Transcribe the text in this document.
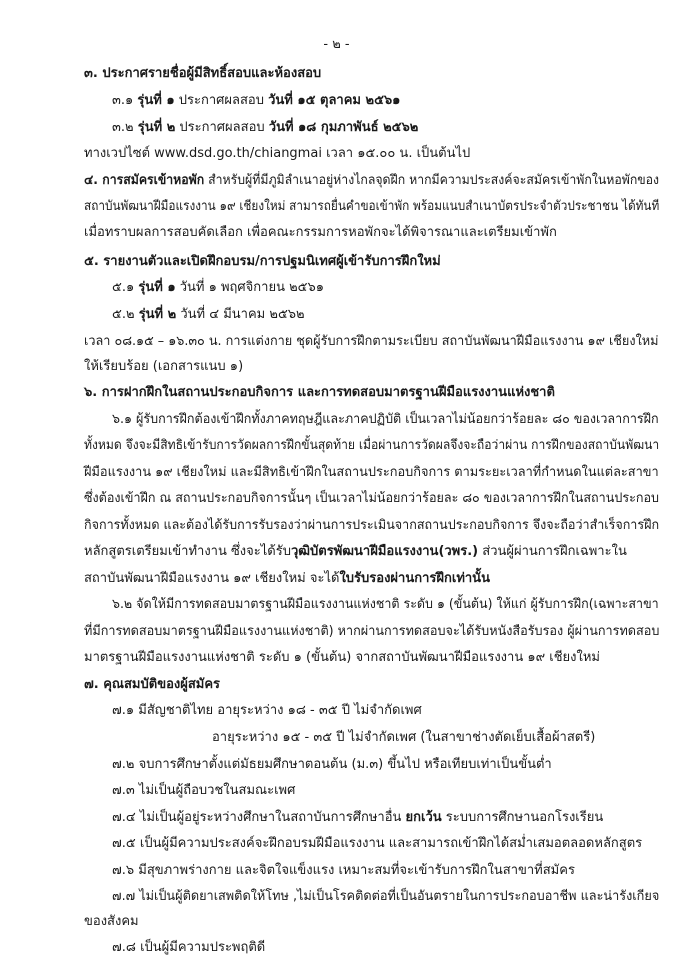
- ๒ -
๓. ประกาศรายชื่อผู้มีสิทธิ์สอบและห้องสอบ
๓.๑ รุ่นที่ ๑ ประกาศผลสอบ วันที่ ๑๕ ตุลาคม ๒๕๖๑
๓.๒ รุ่นที่ ๒ ประกาศผลสอบ วันที่ ๑๘ กุมภาพันธ์ ๒๕๖๒
ทางเวปไซต์ www.dsd.go.th/chiangmai เวลา ๑๕.๐๐ น. เป็นต้นไป
๔. การสมัครเข้าหอพัก สำหรับผู้ที่มีภูมิลำเนาอยู่ห่างไกลจุดฝึก หากมีความประสงค์จะสมัครเข้าพักในหอพักของ
สถาบันพัฒนาฝีมือแรงงาน ๑๙ เชียงใหม่ สามารถยื่นคำขอเข้าพัก พร้อมแนบสำเนาบัตรประจำตัวประชาชน ได้ทันที
เมื่อทราบผลการสอบคัดเลือก เพื่อคณะกรรมการหอพักจะได้พิจารณาและเตรียมเข้าพัก
๕. รายงานตัวและเปิดฝึกอบรม/การปฐมนิเทศผู้เข้ารับการฝึกใหม่
๕.๑ รุ่นที่ ๑ วันที่ ๑ พฤศจิกายน ๒๕๖๑
๕.๒ รุ่นที่ ๒ วันที่ ๔ มีนาคม ๒๕๖๒
เวลา ๐๘.๑๕ – ๑๖.๓๐ น. การแต่งกาย ชุดผู้รับการฝึกตามระเบียบ สถาบันพัฒนาฝีมือแรงงาน ๑๙ เชียงใหม่
ให้เรียบร้อย (เอกสารแนบ ๑)
๖. การฝากฝึกในสถานประกอบกิจการ และการทดสอบมาตรฐานฝีมือแรงงานแห่งชาติ
๖.๑ ผู้รับการฝึกต้องเข้าฝึกทั้งภาคทฤษฎีและภาคปฏิบัติ เป็นเวลาไม่น้อยกว่าร้อยละ ๘๐ ของเวลาการฝึก
ทั้งหมด จึงจะมีสิทธิเข้ารับการวัดผลการฝึกขั้นสุดท้าย เมื่อผ่านการวัดผลจึงจะถือว่าผ่าน การฝึกของสถาบันพัฒนา
ฝีมือแรงงาน ๑๙ เชียงใหม่ และมีสิทธิเข้าฝึกในสถานประกอบกิจการ ตามระยะเวลาที่กำหนดในแต่ละสาขา
ซึ่งต้องเข้าฝึก ณ สถานประกอบกิจการนั้นๆ เป็นเวลาไม่น้อยกว่าร้อยละ ๘๐ ของเวลาการฝึกในสถานประกอบ
กิจการทั้งหมด และต้องได้รับการรับรองว่าผ่านการประเมินจากสถานประกอบกิจการ จึงจะถือว่าสำเร็จการฝึก
หลักสูตรเตรียมเข้าทำงาน ซึ่งจะได้รับวุฒิบัตรพัฒนาฝีมือแรงงาน(วพร.) ส่วนผู้ผ่านการฝึกเฉพาะใน
สถาบันพัฒนาฝีมือแรงงาน ๑๙ เชียงใหม่ จะได้ใบรับรองผ่านการฝึกเท่านั้น
๖.๒ จัดให้มีการทดสอบมาตรฐานฝีมือแรงงานแห่งชาติ ระดับ ๑ (ขั้นต้น) ให้แก่ ผู้รับการฝึก(เฉพาะสาขา
ที่มีการทดสอบมาตรฐานฝีมือแรงงานแห่งชาติ) หากผ่านการทดสอบจะได้รับหนังสือรับรอง ผู้ผ่านการทดสอบ
มาตรฐานฝีมือแรงงานแห่งชาติ ระดับ ๑ (ขั้นต้น) จากสถาบันพัฒนาฝีมือแรงงาน ๑๙ เชียงใหม่
๗. คุณสมบัติของผู้สมัคร
๗.๑ มีสัญชาติไทย อายุระหว่าง ๑๘ - ๓๕ ปี ไม่จำกัดเพศ
อายุระหว่าง ๑๕ - ๓๕ ปี ไม่จำกัดเพศ (ในสาขาช่างตัดเย็บเสื้อผ้าสตรี)
๗.๒ จบการศึกษาตั้งแต่มัธยมศึกษาตอนต้น (ม.๓) ขึ้นไป หรือเทียบเท่าเป็นขั้นต่ำ
๗.๓ ไม่เป็นผู้ถือบวชในสมณะเพศ
๗.๔ ไม่เป็นผู้อยู่ระหว่างศึกษาในสถาบันการศึกษาอื่น ยกเว้น ระบบการศึกษานอกโรงเรียน
๗.๕ เป็นผู้มีความประสงค์จะฝึกอบรมฝีมือแรงงาน และสามารถเข้าฝึกได้สม่ำเสมอตลอดหลักสูตร
๗.๖ มีสุขภาพร่างกาย และจิตใจแข็งแรง เหมาะสมที่จะเข้ารับการฝึกในสาขาที่สมัคร
๗.๗ ไม่เป็นผู้ติดยาเสพติดให้โทษ ,ไม่เป็นโรคติดต่อที่เป็นอันตรายในการประกอบอาชีพ และน่ารังเกียจ
ของสังคม
๗.๘ เป็นผู้มีความประพฤติดี
